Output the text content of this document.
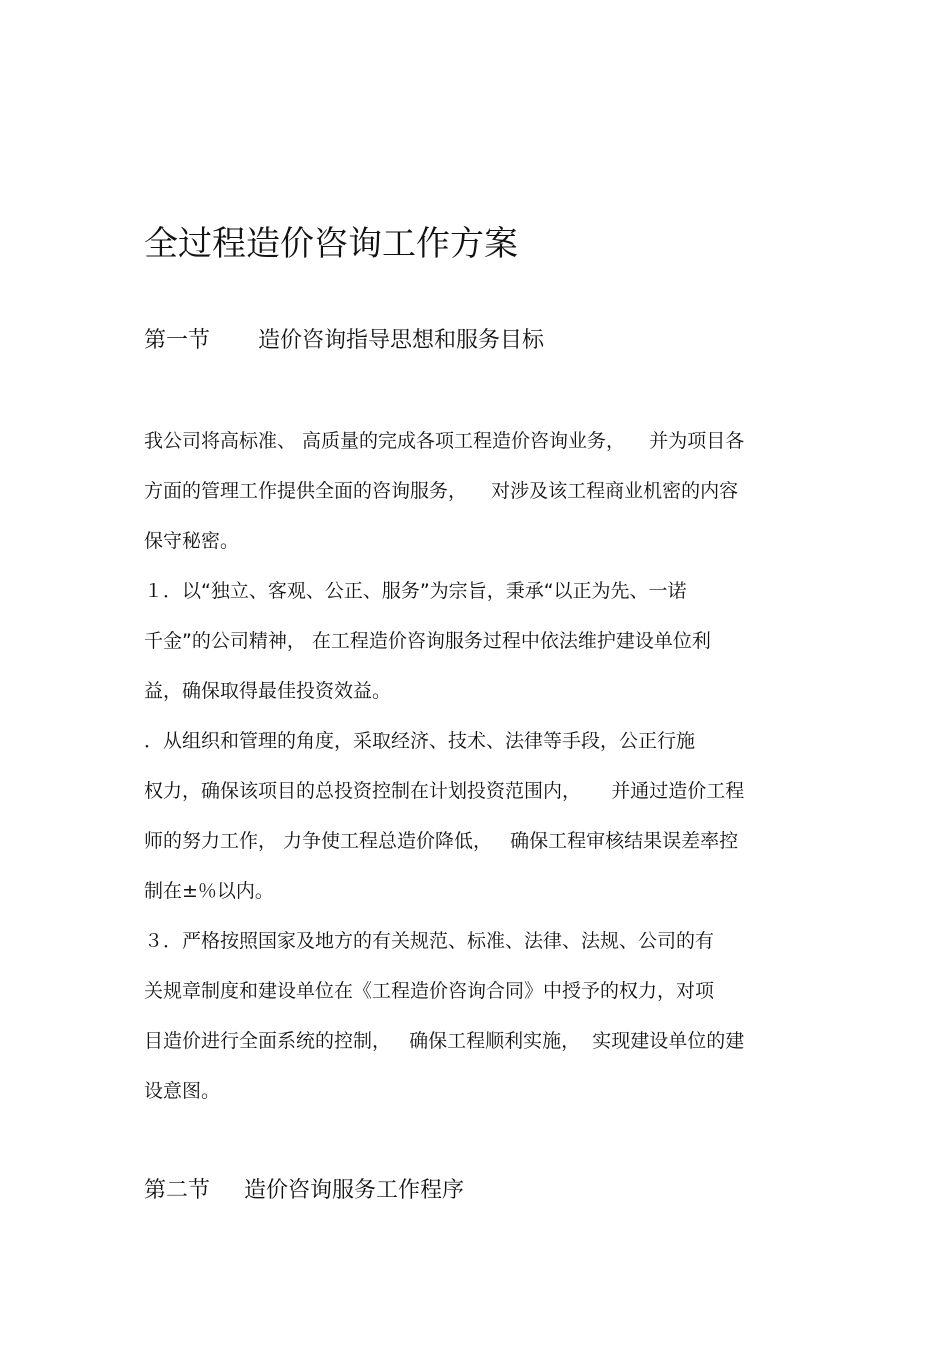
全过程造价咨询工作方案
第一节 造价咨询指导思想和服务目标
我公司将高标准、 高质量的完成各项工程造价咨询业务，    并为项目各
方面的管理工作提供全面的咨询服务，    对涉及该工程商业机密的内容
保守秘密。
１．以“独立、客观、公正、服务”为宗旨，秉承“以正为先、一诺
千金”的公司精神， 在工程造价咨询服务过程中依法维护建设单位利
益，确保取得最佳投资效益。
．从组织和管理的角度，采取经济、技术、法律等手段，公正行施
权力，确保该项目的总投资控制在计划投资范围内，     并通过造价工程
师的努力工作， 力争使工程总造价降低，   确保工程审核结果误差率控
制在±％以内。
３．严格按照国家及地方的有关规范、标准、法律、法规、公司的有
关规章制度和建设单位在《工程造价咨询合同》中授予的权力，对项
目造价进行全面系统的控制，   确保工程顺利实施，  实现建设单位的建
设意图。
第二节 造价咨询服务工作程序
